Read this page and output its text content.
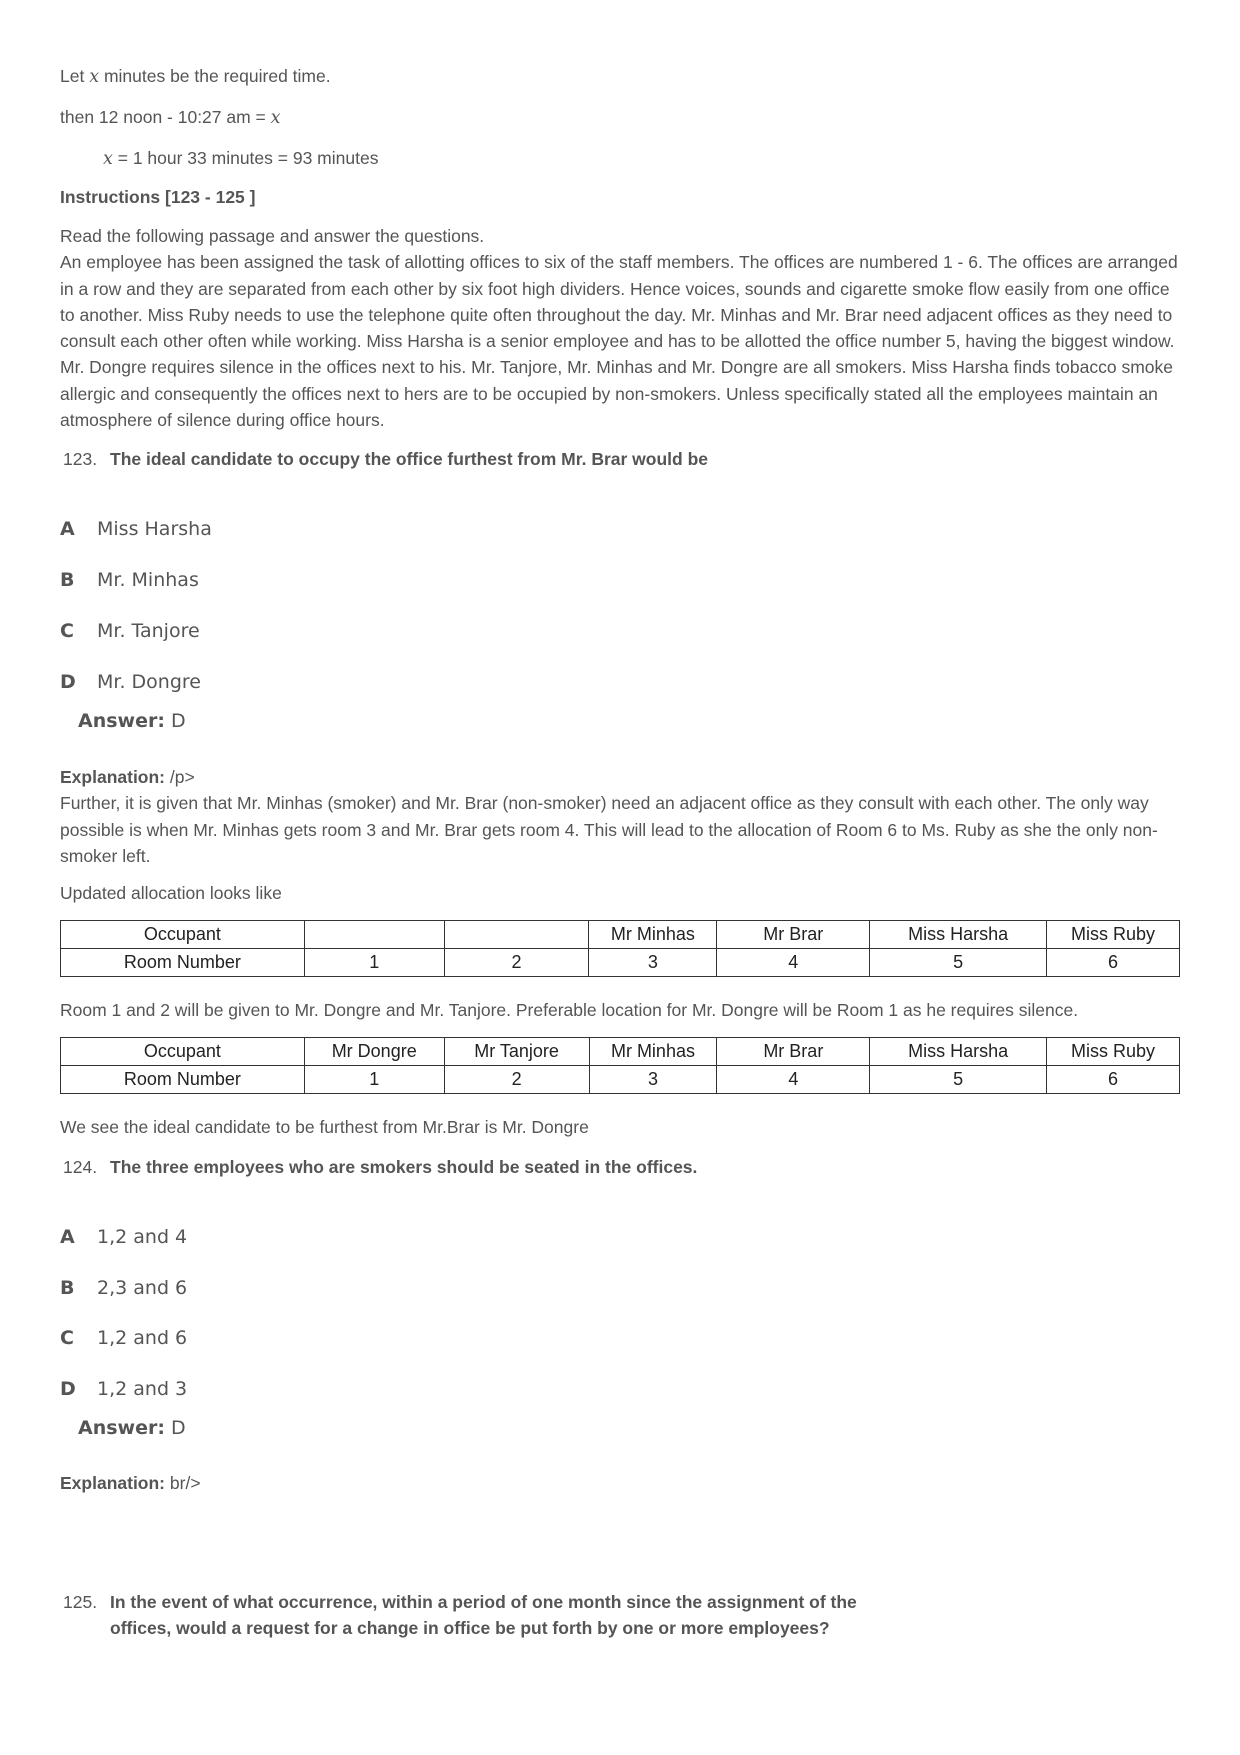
Let x minutes be the required time.
then 12 noon - 10:27 am = x
x = 1 hour 33 minutes = 93 minutes
Instructions [123 - 125 ]
Read the following passage and answer the questions.
An employee has been assigned the task of allotting offices to six of the staff members. The offices are numbered 1 - 6. The offices are arranged in a row and they are separated from each other by six foot high dividers. Hence voices, sounds and cigarette smoke flow easily from one office to another. Miss Ruby needs to use the telephone quite often throughout the day. Mr. Minhas and Mr. Brar need adjacent offices as they need to consult each other often while working. Miss Harsha is a senior employee and has to be allotted the office number 5, having the biggest window. Mr. Dongre requires silence in the offices next to his. Mr. Tanjore, Mr. Minhas and Mr. Dongre are all smokers. Miss Harsha finds tobacco smoke allergic and consequently the offices next to hers are to be occupied by non-smokers. Unless specifically stated all the employees maintain an atmosphere of silence during office hours.
123. The ideal candidate to occupy the office furthest from Mr. Brar would be
A Miss Harsha
B Mr. Minhas
C Mr. Tanjore
D Mr. Dongre
Answer: D
Explanation: /p>
Further, it is given that Mr. Minhas (smoker) and Mr. Brar (non-smoker) need an adjacent office as they consult with each other. The only way possible is when Mr. Minhas gets room 3 and Mr. Brar gets room 4. This will lead to the allocation of Room 6 to Ms. Ruby as she the only non-smoker left.
Updated allocation looks like
Occupant			Mr Minhas	Mr Brar	Miss Harsha	Miss Ruby
Room Number	1	2	3	4	5	6
Room 1 and 2 will be given to Mr. Dongre and Mr. Tanjore. Preferable location for Mr. Dongre will be Room 1 as he requires silence.
Occupant	Mr Dongre	Mr Tanjore	Mr Minhas	Mr Brar	Miss Harsha	Miss Ruby
Room Number	1	2	3	4	5	6
We see the ideal candidate to be furthest from Mr.Brar is Mr. Dongre
124. The three employees who are smokers should be seated in the offices.
A 1,2 and 4
B 2,3 and 6
C 1,2 and 6
D 1,2 and 3
Answer: D
Explanation: br/>
125. In the event of what occurrence, within a period of one month since the assignment of the
offices, would a request for a change in office be put forth by one or more employees?
